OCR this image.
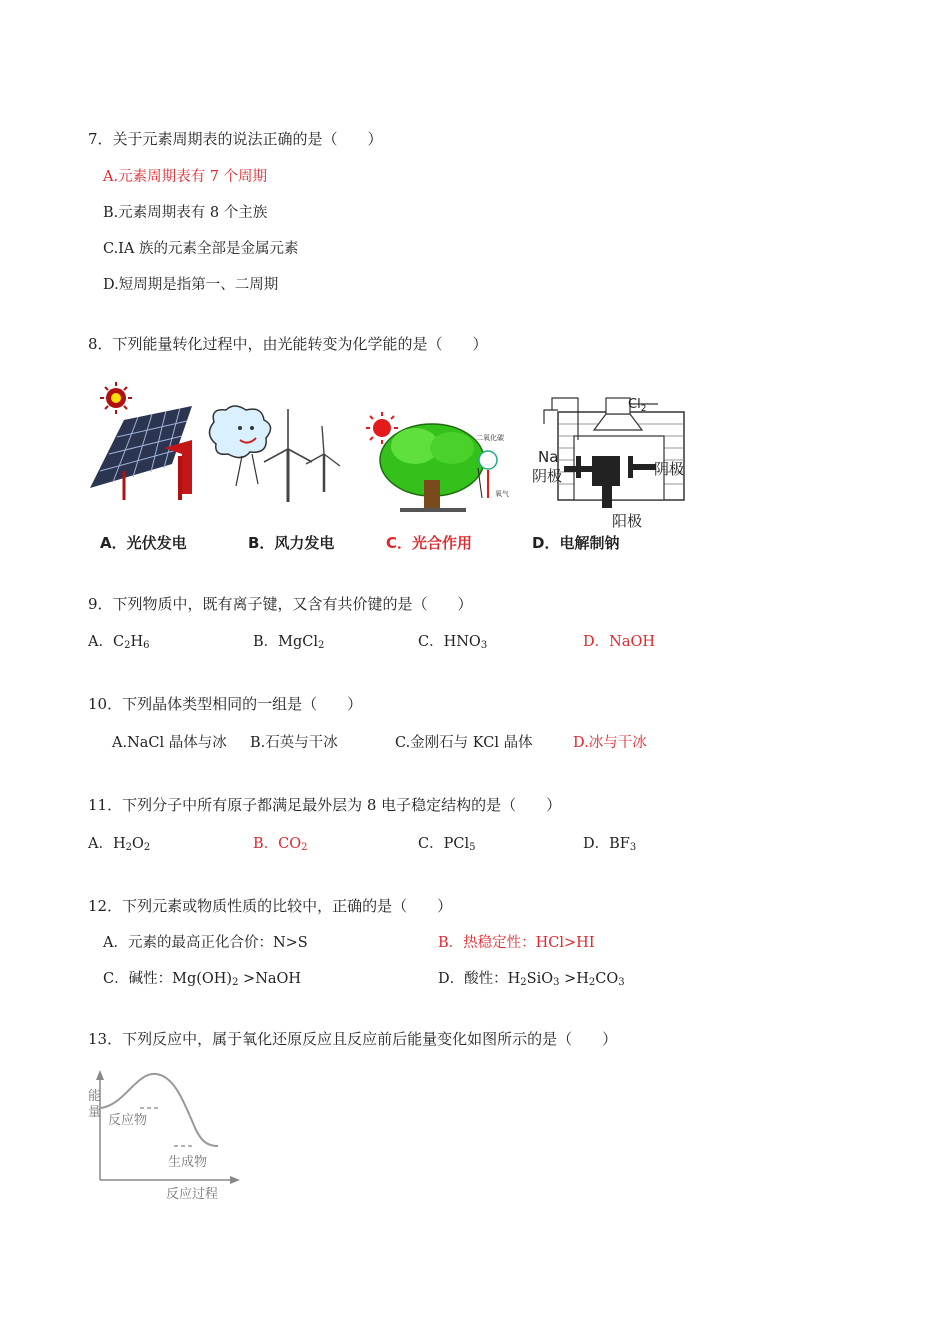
7．关于元素周期表的说法正确的是（　　）
A.元素周期表有 7 个周期
B.元素周期表有 8 个主族
C.ⅠA 族的元素全部是金属元素
D.短周期是指第一、二周期
8．下列能量转化过程中，由光能转变为化学能的是（　　）
二氧化碳
氧气
$Cl_2$
Na
阴极	阴极
阳极
A．光伏发电	B．风力发电	C．光合作用	D．电解制钠
9．下列物质中，既有离子键，又含有共价键的是（　　）
A．$C_2H_6$	B．MgCl$_2$	C．$HNO_3$	D．NaOH
10．下列晶体类型相同的一组是（　　）
A.NaCl 晶体与冰 B.石英与干冰	C.金刚石与 KCl 晶体	D.冰与干冰
11．下列分子中所有原子都满足最外层为 8 电子稳定结构的是（　　）
A．$H_2O_2$	B．$CO_2$	C．PCl$_5$	D．$BF_3$
12．下列元素或物质性质的比较中，正确的是（　　）
A．元素的最高正化合价：N>S	B．热稳定性：HCl>HI
C．碱性：$Mg(OH)_2$ >NaOH	D．酸性：$H_2SiO_3 >H_2CO_3$
13．下列反应中，属于氧化还原反应且反应前后能量变化如图所示的是（　　）
能
量
反应物
生成物
反应过程
